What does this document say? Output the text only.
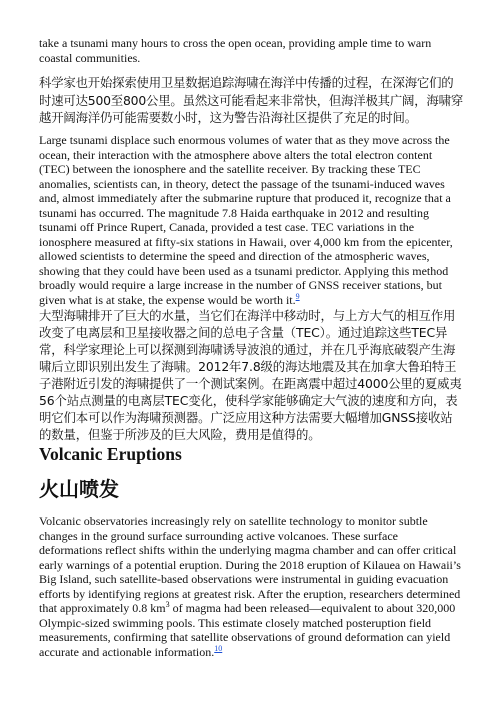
take a tsunami many hours to cross the open ocean, providing ample time to warn coastal communities.

科学家也开始探索使用卫星数据追踪海啸在海洋中传播的过程，在深海它们的时速可达500至800公里。虽然这可能看起来非常快，但海洋极其广阔，海啸穿越开阔海洋仍可能需要数小时，这为警告沿海社区提供了充足的时间。

Large tsunami displace such enormous volumes of water that as they move across the ocean, their interaction with the atmosphere above alters the total electron content (TEC) between the ionosphere and the satellite receiver. By tracking these TEC anomalies, scientists can, in theory, detect the passage of the tsunami-induced waves and, almost immediately after the submarine rupture that produced it, recognize that a tsunami has occurred. The magnitude 7.8 Haida earthquake in 2012 and resulting tsunami off Prince Rupert, Canada, provided a test case. TEC variations in the ionosphere measured at fifty-six stations in Hawaii, over 4,000 km from the epicenter, allowed scientists to determine the speed and direction of the atmospheric waves, showing that they could have been used as a tsunami predictor. Applying this method broadly would require a large increase in the number of GNSS receiver stations, but given what is at stake, the expense would be worth it.$^9$

大型海啸排开了巨大的水量，当它们在海洋中移动时，与上方大气的相互作用改变了电离层和卫星接收器之间的总电子含量（TEC）。通过追踪这些TEC异常，科学家理论上可以探测到海啸诱导波浪的通过，并在几乎海底破裂产生海啸后立即识别出发生了海啸。2012年7.8级的海达地震及其在加拿大鲁珀特王子港附近引发的海啸提供了一个测试案例。在距离震中超过4000公里的夏威夷56个站点测量的电离层TEC变化，使科学家能够确定大气波的速度和方向，表明它们本可以作为海啸预测器。广泛应用这种方法需要大幅增加GNSS接收站的数量，但鉴于所涉及的巨大风险，费用是值得的。

Volcanic Eruptions
火山喷发

Volcanic observatories increasingly rely on satellite technology to monitor subtle changes in the ground surface surrounding active volcanoes. These surface deformations reflect shifts within the underlying magma chamber and can offer critical early warnings of a potential eruption. During the 2018 eruption of Kilauea on Hawaii’s Big Island, such satellite-based observations were instrumental in guiding evacuation efforts by identifying regions at greatest risk. After the eruption, researchers determined that approximately 0.8 $km^3$ of magma had been released—equivalent to about 320,000 Olympic-sized swimming pools. This estimate closely matched posteruption field measurements, confirming that satellite observations of ground deformation can yield accurate and actionable information.$^{10}$
